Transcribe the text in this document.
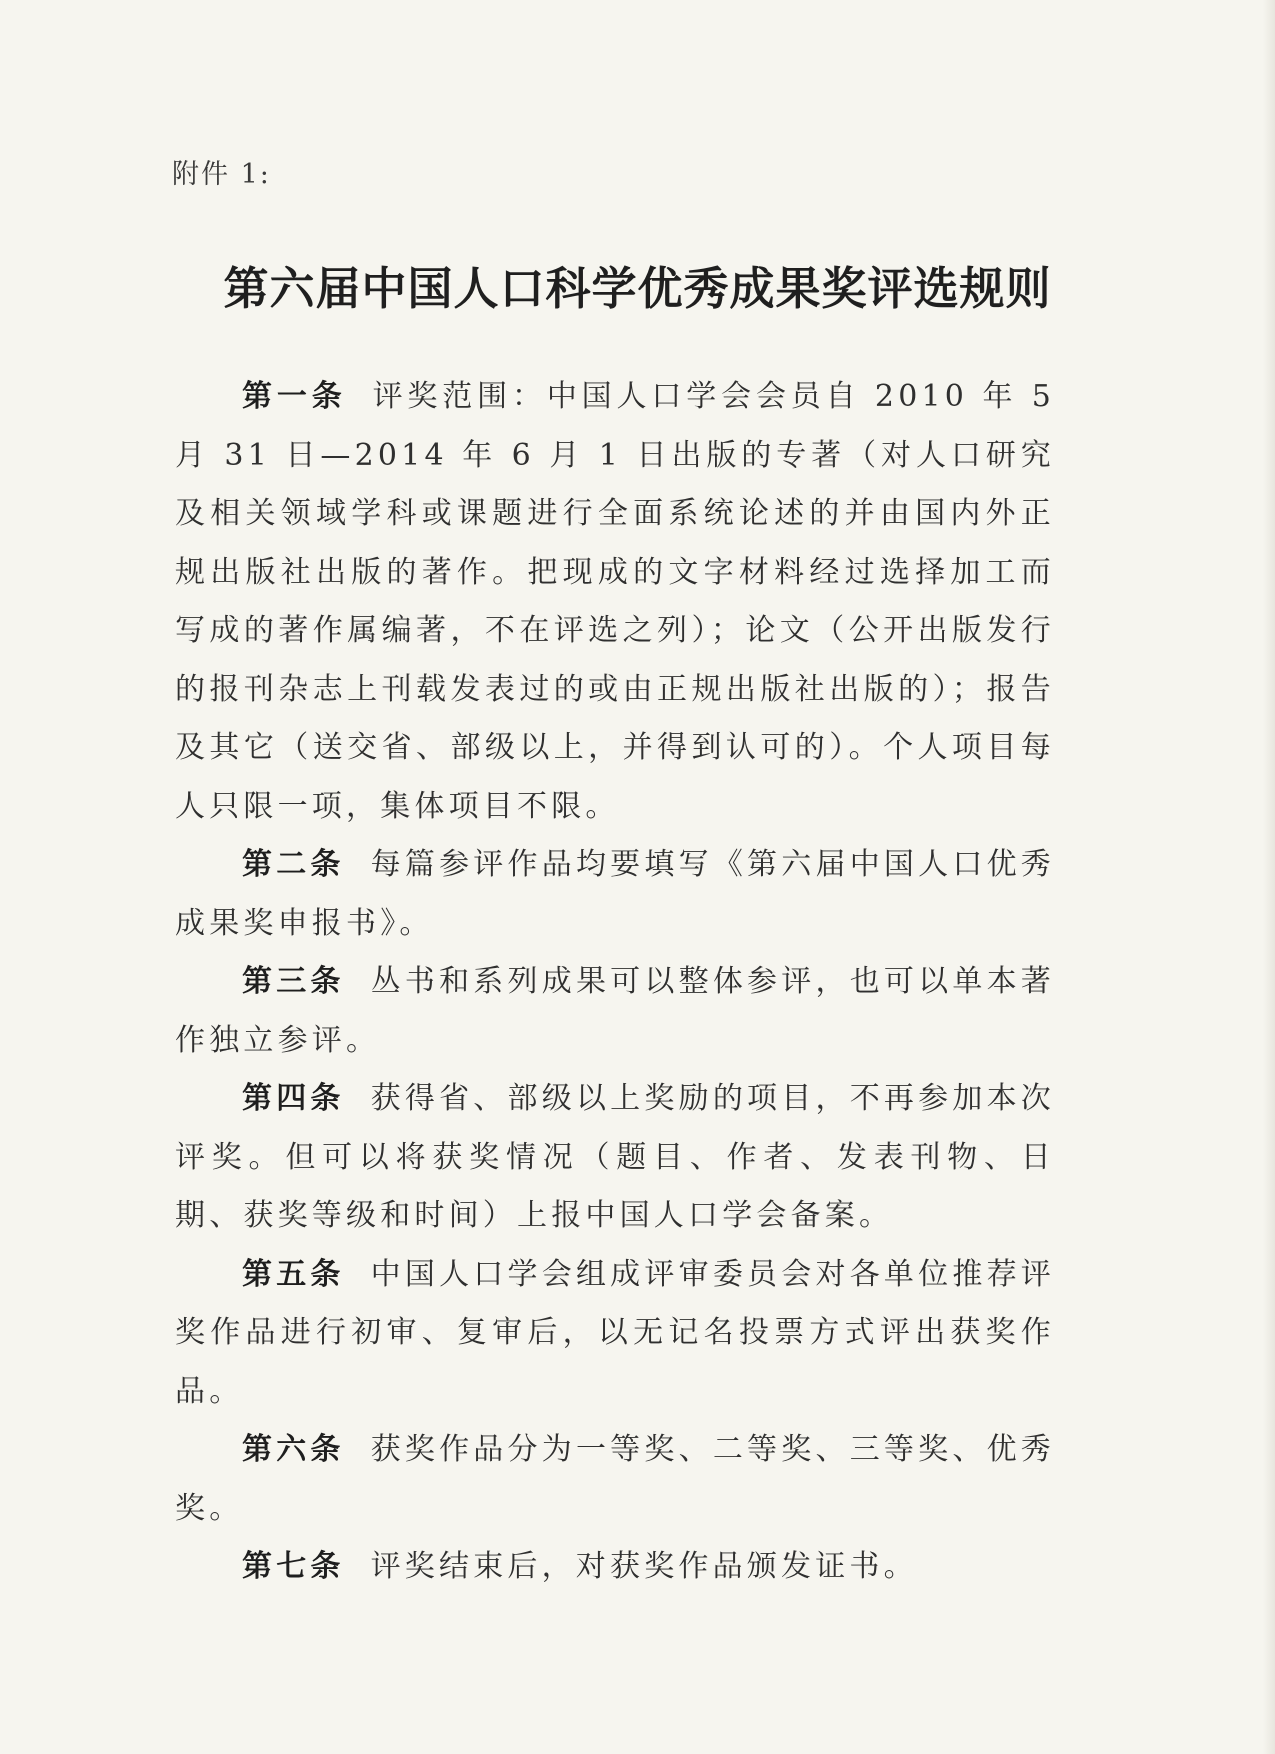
附件 1:
第六届中国人口科学优秀成果奖评选规则

第一条 评奖范围：中国人口学会会员自 2010 年 5 月 31 日—2014 年 6 月 1 日出版的专著（对人口研究及相关领域学科或课题进行全面系统论述的并由国内外正规出版社出版的著作。把现成的文字材料经过选择加工而写成的著作属编著，不在评选之列）；论文（公开出版发行的报刊杂志上刊载发表过的或由正规出版社出版的）；报告及其它（送交省、部级以上，并得到认可的）。个人项目每人只限一项，集体项目不限。

第二条 每篇参评作品均要填写《第六届中国人口优秀成果奖申报书》。

第三条 丛书和系列成果可以整体参评，也可以单本著作独立参评。

第四条 获得省、部级以上奖励的项目，不再参加本次评奖。但可以将获奖情况（题目、作者、发表刊物、日期、获奖等级和时间）上报中国人口学会备案。

第五条 中国人口学会组成评审委员会对各单位推荐评奖作品进行初审、复审后，以无记名投票方式评出获奖作品。

第六条 获奖作品分为一等奖、二等奖、三等奖、优秀奖。

第七条 评奖结束后，对获奖作品颁发证书。
